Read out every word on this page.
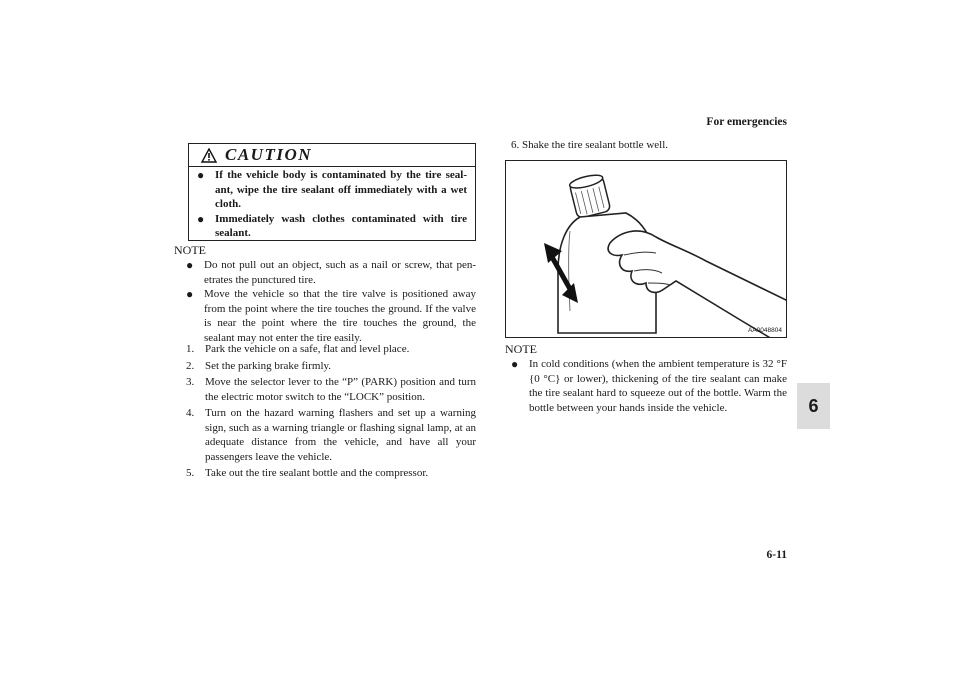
For emergencies
6
CAUTION
● If the vehicle body is contaminated by the tire seal-ant, wipe the tire sealant off immediately with a wet cloth.
● Immediately wash clothes contaminated with tire sealant.
NOTE
● Do not pull out an object, such as a nail or screw, that pen-etrates the punctured tire.
● Move the vehicle so that the tire valve is positioned away from the point where the tire touches the ground. If the valve is near the point where the tire touches the ground, the sealant may not enter the tire easily.
1. Park the vehicle on a safe, flat and level place.
2. Set the parking brake firmly.
3. Move the selector lever to the “P” (PARK) position and turn the electric motor switch to the “LOCK” position.
4. Turn on the hazard warning flashers and set up a warning sign, such as a warning triangle or flashing signal lamp, at an adequate distance from the vehicle, and have all your passengers leave the vehicle.
5. Take out the tire sealant bottle and the compressor.
6. Shake the tire sealant bottle well.
AA0048804
NOTE
● In cold conditions (when the ambient temperature is 32 °F {0 °C} or lower), thickening of the tire sealant can make the tire sealant hard to squeeze out of the bottle. Warm the bottle between your hands inside the vehicle.
6-11
